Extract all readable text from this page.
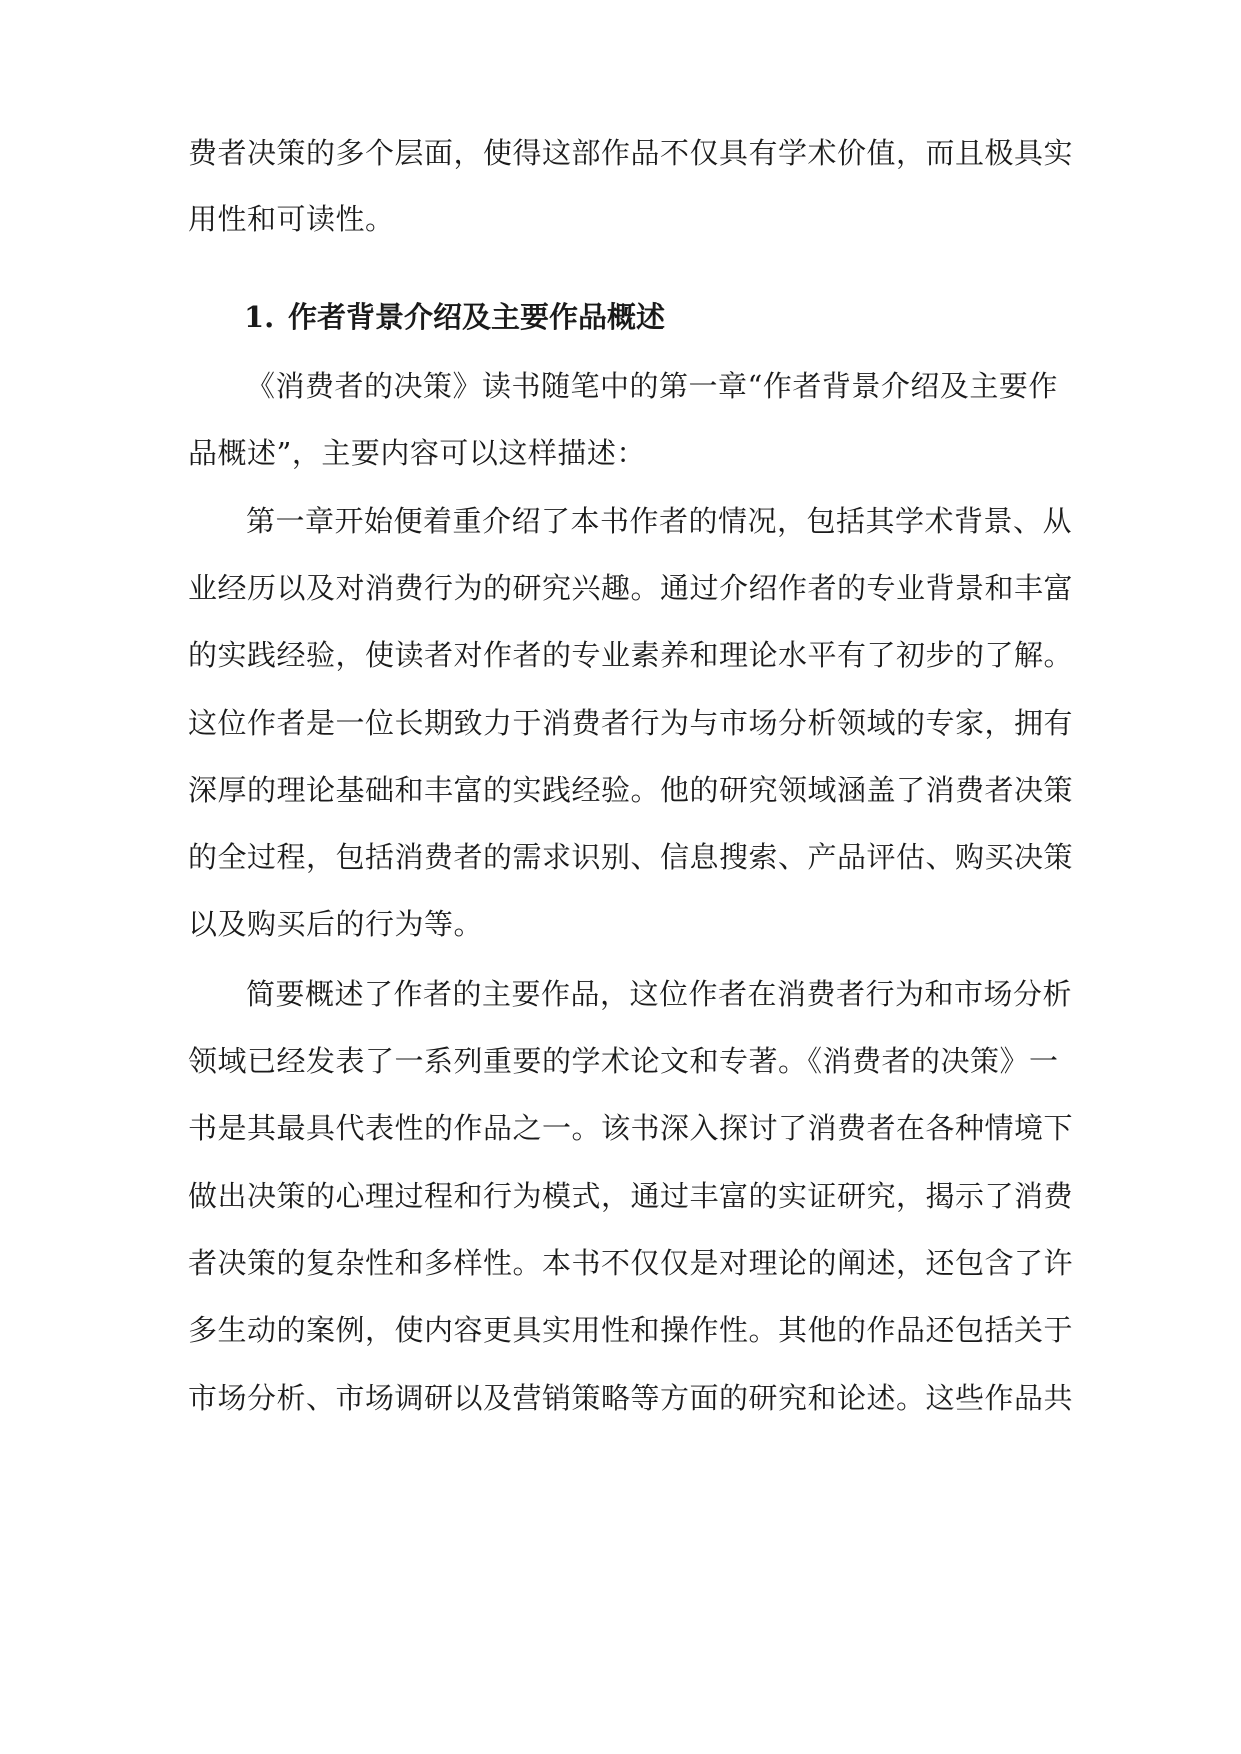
费者决策的多个层面，使得这部作品不仅具有学术价值，而且极具实
用性和可读性。
1. 作者背景介绍及主要作品概述
《消费者的决策》读书随笔中的第一章“作者背景介绍及主要作
品概述”，主要内容可以这样描述：
第一章开始便着重介绍了本书作者的情况，包括其学术背景、从
业经历以及对消费行为的研究兴趣。通过介绍作者的专业背景和丰富
的实践经验，使读者对作者的专业素养和理论水平有了初步的了解。
这位作者是一位长期致力于消费者行为与市场分析领域的专家，拥有
深厚的理论基础和丰富的实践经验。他的研究领域涵盖了消费者决策
的全过程，包括消费者的需求识别、信息搜索、产品评估、购买决策
以及购买后的行为等。
简要概述了作者的主要作品，这位作者在消费者行为和市场分析
领域已经发表了一系列重要的学术论文和专著。《消费者的决策》一
书是其最具代表性的作品之一。该书深入探讨了消费者在各种情境下
做出决策的心理过程和行为模式，通过丰富的实证研究，揭示了消费
者决策的复杂性和多样性。本书不仅仅是对理论的阐述，还包含了许
多生动的案例，使内容更具实用性和操作性。其他的作品还包括关于
市场分析、市场调研以及营销策略等方面的研究和论述。这些作品共
